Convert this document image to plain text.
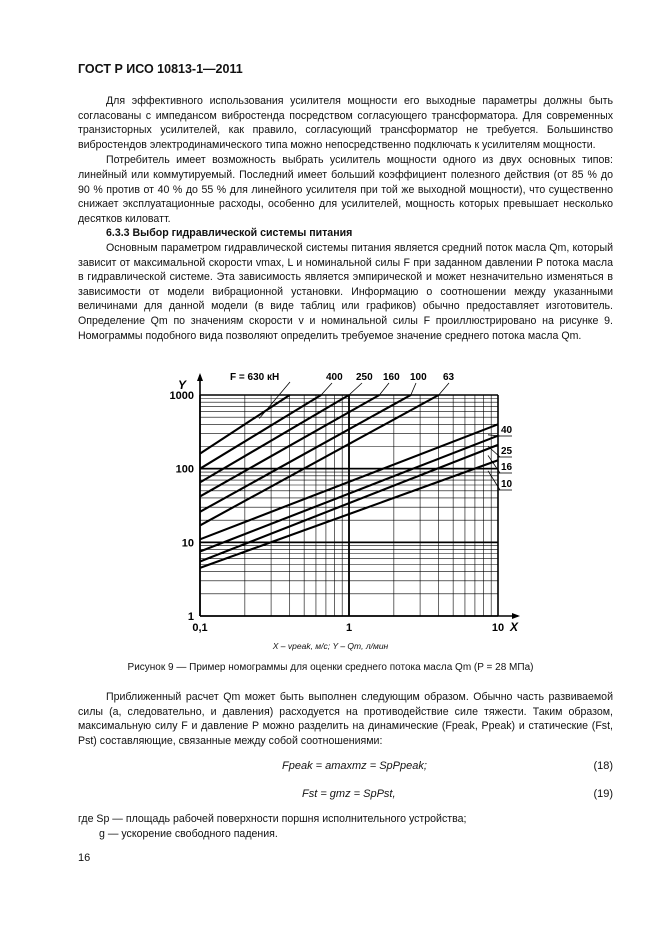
ГОСТ Р ИСО 10813-1—2011

Для эффективного использования усилителя мощности его выходные параметры должны быть согласованы с импедансом вибростенда посредством согласующего трансформатора. Для современных транзисторных усилителей, как правило, согласующий трансформатор не требуется. Большинство вибростендов электродинамического типа можно непосредственно подключать к усилителям мощности.

Потребитель имеет возможность выбрать усилитель мощности одного из двух основных типов: линейный или коммутируемый. Последний имеет больший коэффициент полезного действия (от 85 % до 90 % против от 40 % до 55 % для линейного усилителя при той же выходной мощности), что существенно снижает эксплуатационные расходы, особенно для усилителей, мощность которых превышает несколько десятков киловатт.

6.3.3 Выбор гидравлической системы питания

Основным параметром гидравлической системы питания является средний поток масла Qm, который зависит от максимальной скорости vmax, L и номинальной силы F при заданном давлении P потока масла в гидравлической системе. Эта зависимость является эмпирической и может незначительно изменяться в зависимости от модели вибрационной установки. Информацию о соотношении между указанными величинами для данной модели (в виде таблиц или графиков) обычно предоставляет изготовитель. Определение Qm по значениям скорости v и номинальной силы F проиллюстрировано на рисунке 9. Номограммы подобного вида позволяют определить требуемое значение среднего потока масла Qm.

0,1	1	10
1
10
100
1000
X
Y
F = 630 кН	400 250 160 100 63
40
25
16
10
X – vpeak, м/с; Y – Qm, л/мин
Рисунок 9 — Пример номограммы для оценки среднего потока масла Qm (P = 28 МПа)

Приближенный расчет Qm может быть выполнен следующим образом. Обычно часть развиваемой силы (а, следовательно, и давления) расходуется на противодействие силе тяжести. Таким образом, максимальную силу F и давление P можно разделить на динамические (Fpeak, Ppeak) и статические (Fst, Pst) составляющие, связанные между собой соотношениями:

Fpeak = amaxmz = SpPpeak;	(18)
Fst = gmz = SpPst,	(19)

где Sp — площадь рабочей поверхности поршня исполнительного устройства;

g — ускорение свободного падения.

16
